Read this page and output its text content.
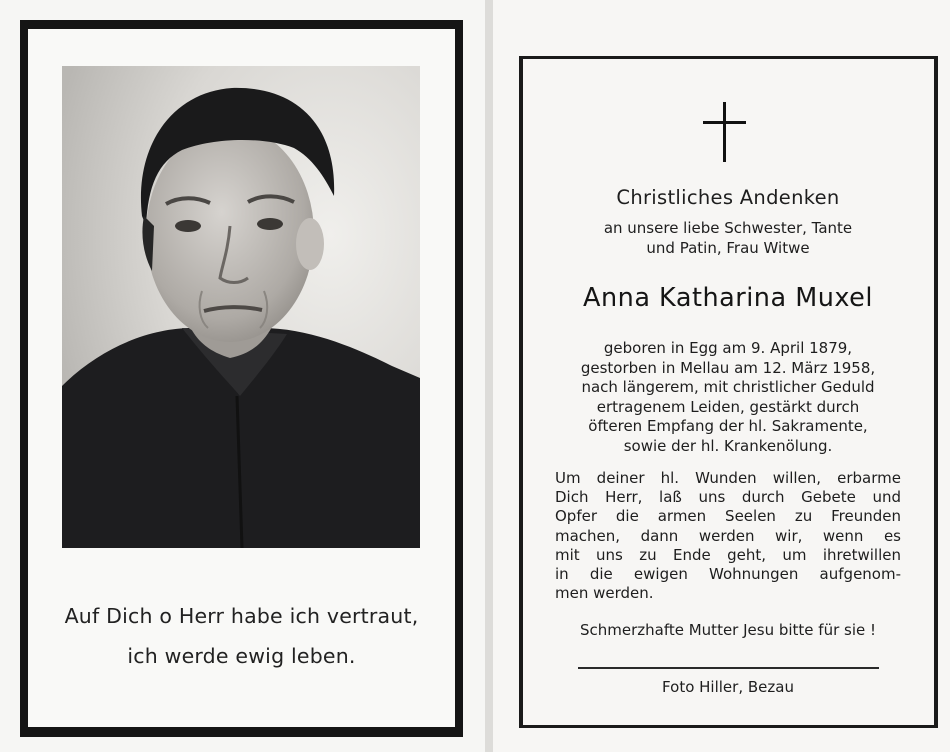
Auf Dich o Herr habe ich vertraut,
ich werde ewig leben.
Christliches Andenken
an unsere liebe Schwester, Tante
und Patin, Frau Witwe
Anna Katharina Muxel
geboren in Egg am 9. April 1879,
gestorben in Mellau am 12. März 1958,
nach längerem, mit christlicher Geduld
ertragenem Leiden, gestärkt durch
öfteren Empfang der hl. Sakramente,
sowie der hl. Krankenölung.
Um deiner hl. Wunden willen, erbarme
Dich Herr, laß uns durch Gebete und
Opfer die armen Seelen zu Freunden
machen, dann werden wir, wenn es
mit uns zu Ende geht, um ihretwillen
in die ewigen Wohnungen aufgenom-
men werden.
Schmerzhafte Mutter Jesu bitte für sie !
Foto Hiller, Bezau
